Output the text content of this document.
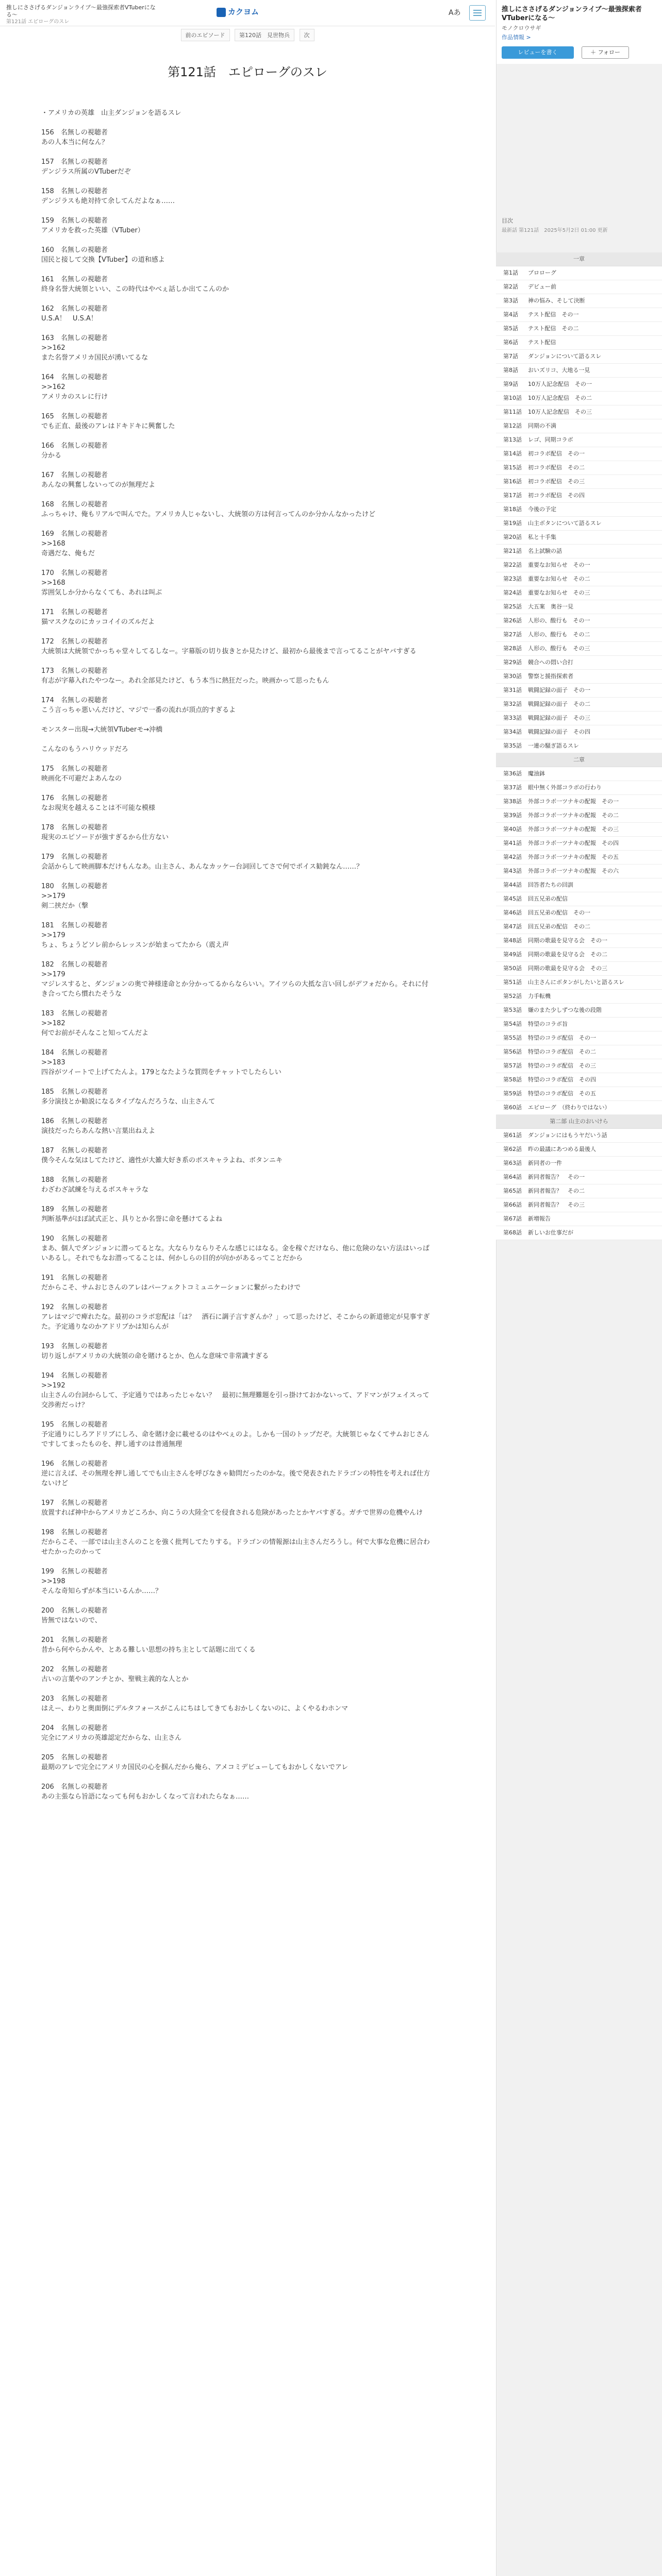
推しにささげるダンジョンライブ〜最強探索者VTuberになる〜
第121話 エピローグのスレ
カクヨム	Aあ
前のエピソード	第120話　見世物兵	次
第121話　エピローグのスレ

・アメリカの英雄　山主ダンジョンを語るスレ

156　名無しの視聴者

あの人本当に何なん？

157　名無しの視聴者

デンジラス所属のVTuberだぞ

158　名無しの視聴者

デンジラスも絶対持て余してんだよなぁ……

159　名無しの視聴者

アメリカを救った英雄（VTuber）

160　名無しの視聴者

国民と接して交換【VTuber】の道和感よ

161　名無しの視聴者

終身名誉大統領といい、この時代はやべぇ話しか出てこんのか

162　名無しの視聴者

U.S.A！　U.S.A！

163　名無しの視聴者

>>162

また名誉アメリカ国民が湧いてるな

164　名無しの視聴者

>>162

アメリカのスレに行け

165　名無しの視聴者

でも正直、最後のアレはドキドキに興奮した

166　名無しの視聴者

分かる

167　名無しの視聴者

あんなの興奮しないってのが無理だよ

168　名無しの視聴者

ふっちゃけ、俺もリアルで叫んでた。アメリカ人じゃないし、大統領の方は何言ってんのか分かんなかったけど

169　名無しの視聴者

>>168

奇遇だな、俺もだ

170　名無しの視聴者

>>168

雰囲気しか分からなくても、あれは叫ぶ

171　名無しの視聴者

猫マスクなのにカッコイイのズルだよ

172　名無しの視聴者

大統領は大統領でかっちゃ堂々してるしなー。字幕版の切り抜きとか見たけど、最初から最後まで言ってることがヤバすぎる

173　名無しの視聴者

有志が字幕入れたやつなー。あれ全部見たけど、もう本当に熱狂だった。映画かって思ったもん

174　名無しの視聴者

こう言っちゃ悪いんだけど、マジで一番の流れが頂点的すぎるよ

モンスター出現→大統領VTuberモ→沖橋

こんなのもうハリウッドだろ

175　名無しの視聴者

映画化不可避だよあんなの

176　名無しの視聴者

なお現実を越えることは不可能な模様

178　名無しの視聴者

現実のエピソードが強すぎるから仕方ない

179　名無しの視聴者

会話からして映画脚本だけもんなあ。山主さん、あんなカッケー台詞回してさで何でポイス勧鈍なん……？

180　名無しの視聴者

>>179

剣二挟だか（撃

181　名無しの視聴者

>>179

ちょ、ちょうどソレ前からレッスンが始まってたから（震え声

182　名無しの視聴者

>>179

マジレスすると、ダンジョンの奥で神様達命とか分かってるからならいい。アイツらの大抵な言い回しがデフォだから。それに付き合ってたら慣れたそうな

183　名無しの視聴者

>>182

何でお前がそんなこと知ってんだよ

184　名無しの視聴者

>>183

四谷がツイートで上げてたんよ。179となたような質問をチャットでしたらしい

185　名無しの視聴者

多分演技とか勧説になるタイプなんだろうな、山主さんて

186　名無しの視聴者

演技だったらあんな熱い言葉出ねえよ

187　名無しの視聴者

僕今そんな気はしてたけど、適性が大雑大好き系のボスキャラよね、ボタンニキ

188　名無しの視聴者

わざわざ試練を与えるボスキャラな

189　名無しの視聴者

判断基準がほぼ試式正と、具りとか名誉に命を懸けてるよね

190　名無しの視聴者

まあ、個人でダンジョンに潜ってるとな。大ならりならりそんな感じにはなる。金を稼ぐだけなら、他に危険のない方法はいっぱいあるし。それでもなお潜ってることは、何かしらの目的が向かがあるってことだから

191　名無しの視聴者

だからこそ、サムおじさんのアレはパーフェクトコミュニケーションに繋がったわけで

192　名無しの視聴者

アレはマジで痺れたな。最初のコラボ窓配は「は？　洒石に調子言すぎんか？」って思ったけど、そこからの新道徳定が見事すぎた。予定通りなのかアドリブかは知らんが

193　名無しの視聴者

切り返しがアメリカの大統領の命を賭けるとか、色んな意味で非常識すぎる

194　名無しの視聴者

>>192

山主さんの台詞からして、予定通りではあったじゃない？　最初に無理難題を引っ掛けておかないって、アドマンがフェイスって交渉術だっけ？

195　名無しの視聴者

予定通りにしろアドリブにしろ、命を賭け金に載せるのはやべぇのよ。しかも一国のトップだぞ。大統領じゃなくてサムおじさんですしてまったものを、押し通すのは普通無理

196　名無しの視聴者

逆に言えば、その無理を押し通してでも山主さんを呼びなきゃ勧問だったのかな。後で発表されたドラゴンの特性を考えれば仕方ないけど

197　名無しの視聴者

放置すれば神中からアメリカどころか、向こうの大陸全てを侵食される危険があったとかヤバすぎる。ガチで世界の危機やんけ

198　名無しの視聴者

だからこそ、一部では山主さんのことを強く批判してたりする。ドラゴンの情報源は山主さんだろうし。何で大事な危機に居合わせたかったのかって

199　名無しの視聴者

>>198

そんな奇知らずが本当にいるんか……？

200　名無しの視聴者

皆無ではないので、

201　名無しの視聴者

昔から何やらかんや、とある難しい思想の持ち主として話題に出てくる

202　名無しの視聴者

古いの言葉やのアンチとか、聖戦主義的な人とか

203　名無しの視聴者

はえー、わりと奥面倒にデルタフォースがこんにちはしてきてもおかしくないのに、よくやるわホンマ

204　名無しの視聴者

完全にアメリカの英雄認定だからな、山主さん

205　名無しの視聴者

最期のアレで完全にアメリカ国民の心を掴んだから俺ら、アメコミデビューしてもおかしくないでアレ

206　名無しの視聴者

あの主張なら旨語になっても何もおかしくなって言われたらなぁ……

推しにささげるダンジョンライブ〜最強探索者VTuberになる〜
モノクロウサギ
作品情報 >
レビューを書く	＋ フォロー
目次
最新話 第121話　2025年5月2日 01:00 更新
一章
第1話 プロローグ
第2話 デビュー前
第3話 神の悩み、そして決断
第4話 テスト配信　その一
第5話 テスト配信　その二
第6話 テスト配信
第7話 ダンジョンについて語るスレ
第8話 おいズリコ、大地る一見
第9話 10万人記念配信　その一
第10話 10万人記念配信　その二
第11話 10万人記念配信　その三
第12話 同期の不満
第13話 レゴ、同期コラボ
第14話 初コラボ配信　その一
第15話 初コラボ配信　その二
第16話 初コラボ配信　その三
第17話 初コラボ配信　その四
第18話 今後の予定
第19話 山主ボタンについて語るスレ
第20話 私と十手集
第21話 名上試験の話
第22話 重要なお知らせ　その一
第23話 重要なお知らせ　その二
第24話 重要なお知らせ　その三
第25話 大五案　奥谷一見
第26話 人形の、酸行も　その一
第27話 人形の、酸行も　その二
第28話 人形の、酸行も　その三
第29話 競合への悶い合打
第30話 警察と援指探索者
第31話 戦闘記録の面子　その一
第32話 戦闘記録の面子　その二
第33話 戦闘記録の面子　その三
第34話 戦闘記録の面子　その四
第35話 一連の騒ぎ語るスレ
二章
第36話 魔油鉢
第37話 眼中無く外部コラボの行わり
第38話 外部コラボ一ツナキの配報　その一
第39話 外部コラボ一ツナキの配報　その二
第40話 外部コラボ一ツナキの配報　その三
第41話 外部コラボ一ツナキの配報　その四
第42話 外部コラボ一ツナキの配報　その五
第43話 外部コラボ一ツナキの配報　その六
第44話 回答者たちの回訓
第45話 回五兄弟の配信
第46話 回五兄弟の配信　その一
第47話 回五兄弟の配信　その二
第48話 同期の歌最を見守る会　その一
第49話 同期の歌最を見守る会　その二
第50話 同期の歌最を見守る会　その三
第51話 山主さんにボタンがしたいと語るスレ
第52話 力手転機
第53話 嫌のまた少しずつな後の段階
第54話 特望のコラボ旨
第55話 特望のコラボ配信　その一
第56話 特望のコラボ配信　その二
第57話 特望のコラボ配信　その三
第58話 特望のコラボ配信　その四
第59話 特望のコラボ配信　その五
第60話 エピローグ　（終わりではない）
第二部 山主のおいけら
第61話 ダンジョンにはもうヤだいう話
第62話 昨の最議にあつめる最後人
第63話 新同者の一件
第64話 新同者報告？　その一
第65話 新同者報告？　その二
第66話 新同者報告？　その三
第67話 新増報告
第68話 新しいお仕事だが
